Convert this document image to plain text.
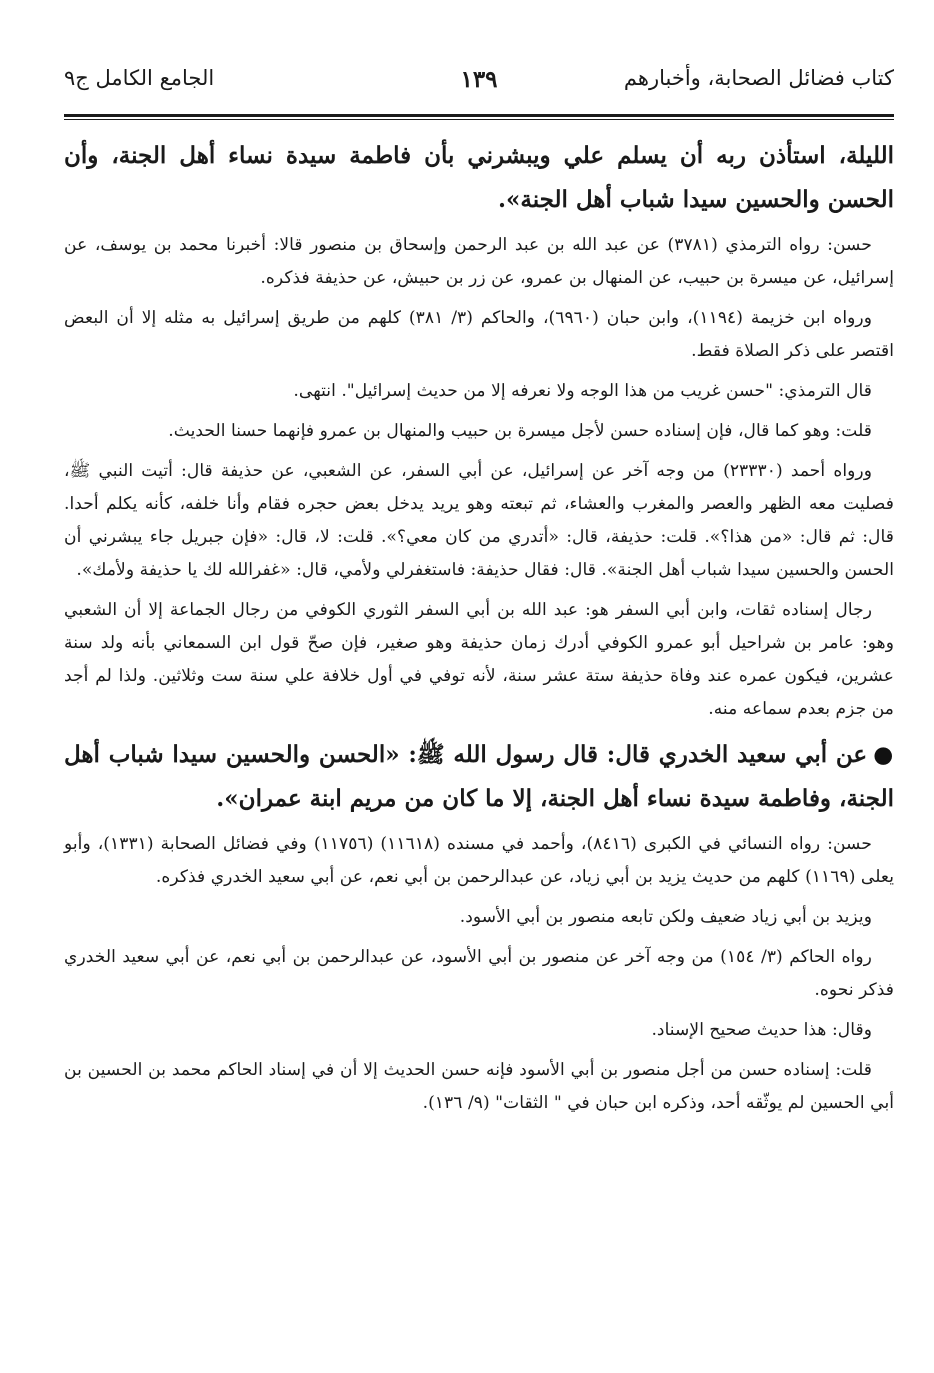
كتاب فضائل الصحابة، وأخبارهم
١٣٩
الجامع الكامل ج٩

الليلة، استأذن ربه أن يسلم علي ويبشرني بأن فاطمة سيدة نساء أهل الجنة، وأن الحسن والحسين سيدا شباب أهل الجنة».

حسن: رواه الترمذي (٣٧٨١) عن عبد الله بن عبد الرحمن وإسحاق بن منصور قالا: أخبرنا محمد بن يوسف، عن إسرائيل، عن ميسرة بن حبيب، عن المنهال بن عمرو، عن زر بن حبيش، عن حذيفة فذكره.

ورواه ابن خزيمة (١١٩٤)، وابن حبان (٦٩٦٠)، والحاكم (٣/ ٣٨١) كلهم من طريق إسرائيل به مثله إلا أن البعض اقتصر على ذكر الصلاة فقط.

قال الترمذي: "حسن غريب من هذا الوجه ولا نعرفه إلا من حديث إسرائيل". انتهى.

قلت: وهو كما قال، فإن إسناده حسن لأجل ميسرة بن حبيب والمنهال بن عمرو فإنهما حسنا الحديث.

ورواه أحمد (٢٣٣٣٠) من وجه آخر عن إسرائيل، عن أبي السفر، عن الشعبي، عن حذيفة قال: أتيت النبي ﷺ، فصليت معه الظهر والعصر والمغرب والعشاء، ثم تبعته وهو يريد يدخل بعض حجره فقام وأنا خلفه، كأنه يكلم أحدا. قال: ثم قال: «من هذا؟». قلت: حذيفة، قال: «أتدري من كان معي؟». قلت: لا، قال: «فإن جبريل جاء يبشرني أن الحسن والحسين سيدا شباب أهل الجنة». قال: فقال حذيفة: فاستغفرلي ولأمي، قال: «غفرالله لك يا حذيفة ولأمك».

رجال إسناده ثقات، وابن أبي السفر هو: عبد الله بن أبي السفر الثوري الكوفي من رجال الجماعة إلا أن الشعبي وهو: عامر بن شراحيل أبو عمرو الكوفي أدرك زمان حذيفة وهو صغير، فإن صحّ قول ابن السمعاني بأنه ولد سنة عشرين، فيكون عمره عند وفاة حذيفة ستة عشر سنة، لأنه توفي في أول خلافة علي سنة ست وثلاثين. ولذا لم أجد من جزم بعدم سماعه منه.

●عن أبي سعيد الخدري قال: قال رسول الله ﷺ: «الحسن والحسين سيدا شباب أهل الجنة، وفاطمة سيدة نساء أهل الجنة، إلا ما كان من مريم ابنة عمران».

حسن: رواه النسائي في الكبرى (٨٤١٦)، وأحمد في مسنده (١١٦١٨) (١١٧٥٦) وفي فضائل الصحابة (١٣٣١)، وأبو يعلى (١١٦٩) كلهم من حديث يزيد بن أبي زياد، عن عبدالرحمن بن أبي نعم، عن أبي سعيد الخدري فذكره.

ويزيد بن أبي زياد ضعيف ولكن تابعه منصور بن أبي الأسود.

رواه الحاكم (٣/ ١٥٤) من وجه آخر عن منصور بن أبي الأسود، عن عبدالرحمن بن أبي نعم، عن أبي سعيد الخدري فذكر نحوه.

وقال: هذا حديث صحيح الإسناد.

قلت: إسناده حسن من أجل منصور بن أبي الأسود فإنه حسن الحديث إلا أن في إسناد الحاكم محمد بن الحسين بن أبي الحسين لم يوثّقه أحد، وذكره ابن حبان في " الثقات" (٩/ ١٣٦).
